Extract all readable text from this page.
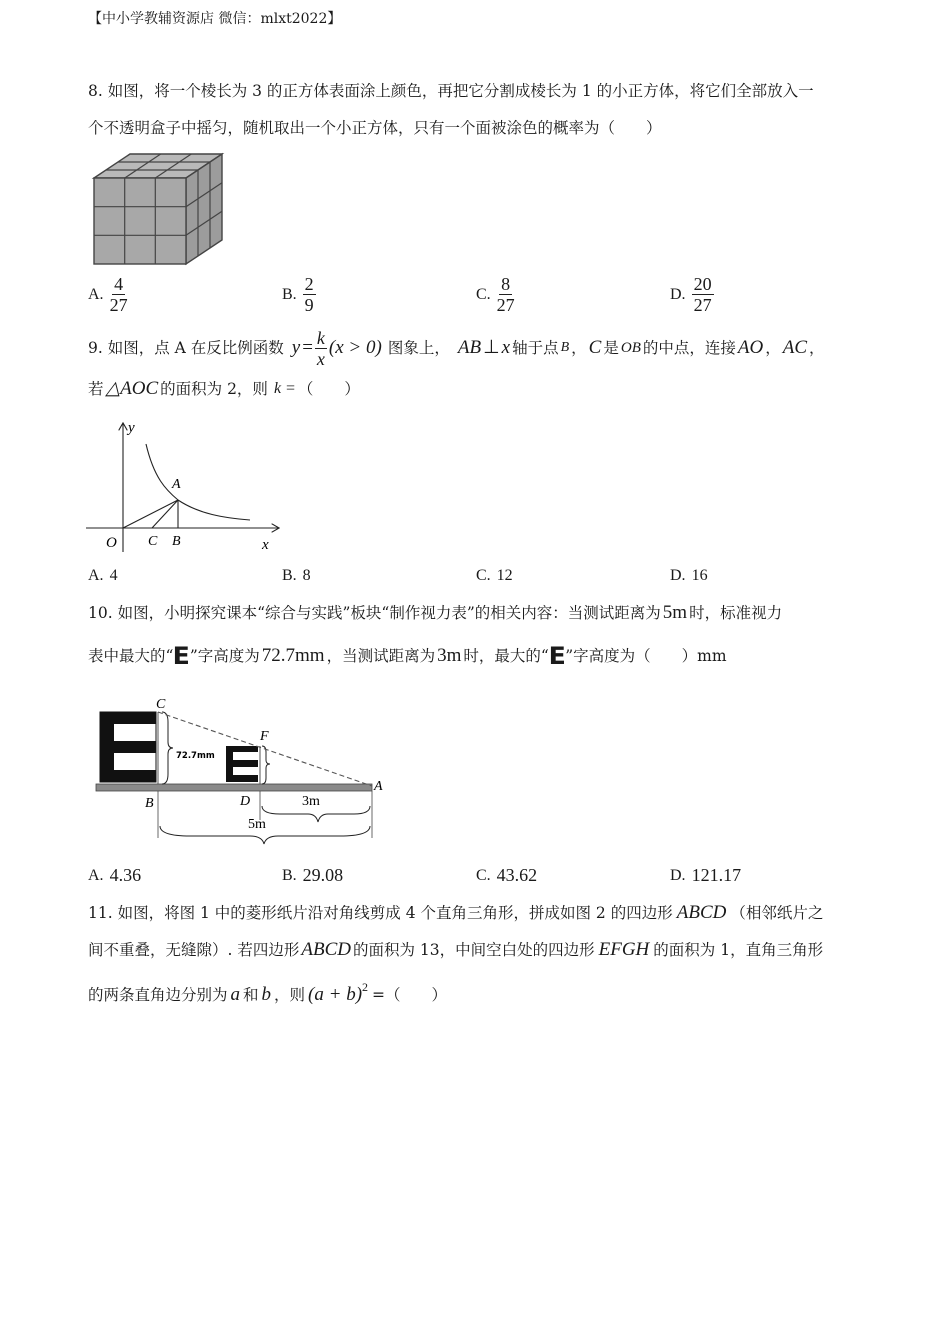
【中小学教辅资源店 微信：mlxt2022】
8. 如图，将一个棱长为 3 的正方体表面涂上颜色，再把它分割成棱长为 1 的小正方体，将它们全部放入一
个不透明盒子中摇匀，随机取出一个小正方体，只有一个面被涂色的概率为（　　）
A. $\frac{4}{27}$	B. $\frac{2}{9}$	C. $\frac{8}{27}$	D. $\frac{20}{27}$
9. 如图，点 A 在反比例函数 $y = \frac{k}{x} (x > 0)$ 图象上， AB ⊥ x 轴于点 B ， C 是 OB 的中点，连接 AO ， AC ，
若 △AOC 的面积为 2，则 k = （　　）
y
x
O
A
C B
A. 4	B. 8	C. 12	D. 16
10. 如图，小明探究课本“综合与实践”板块“制作视力表”的相关内容：当测试距离为 5m 时，标准视力
表中最大的“ E ”字高度为 72.7mm ，当测试距离为 3m 时，最大的“ E ”字高度为（　　）mm
C
F
B	D
A
72.7mm
3m
5m
A. 4.36	B. 29.08	C. 43.62	D. 121.17
11. 如图，将图 1 中的菱形纸片沿对角线剪成 4 个直角三角形，拼成如图 2 的四边形 ABCD （相邻纸片之
间不重叠，无缝隙）. 若四边形 ABCD 的面积为 13，中间空白处的四边形 EFGH 的面积为 1，直角三角形
的两条直角边分别为 a 和 b ，则 $(a + b)^2$ =（　　）
